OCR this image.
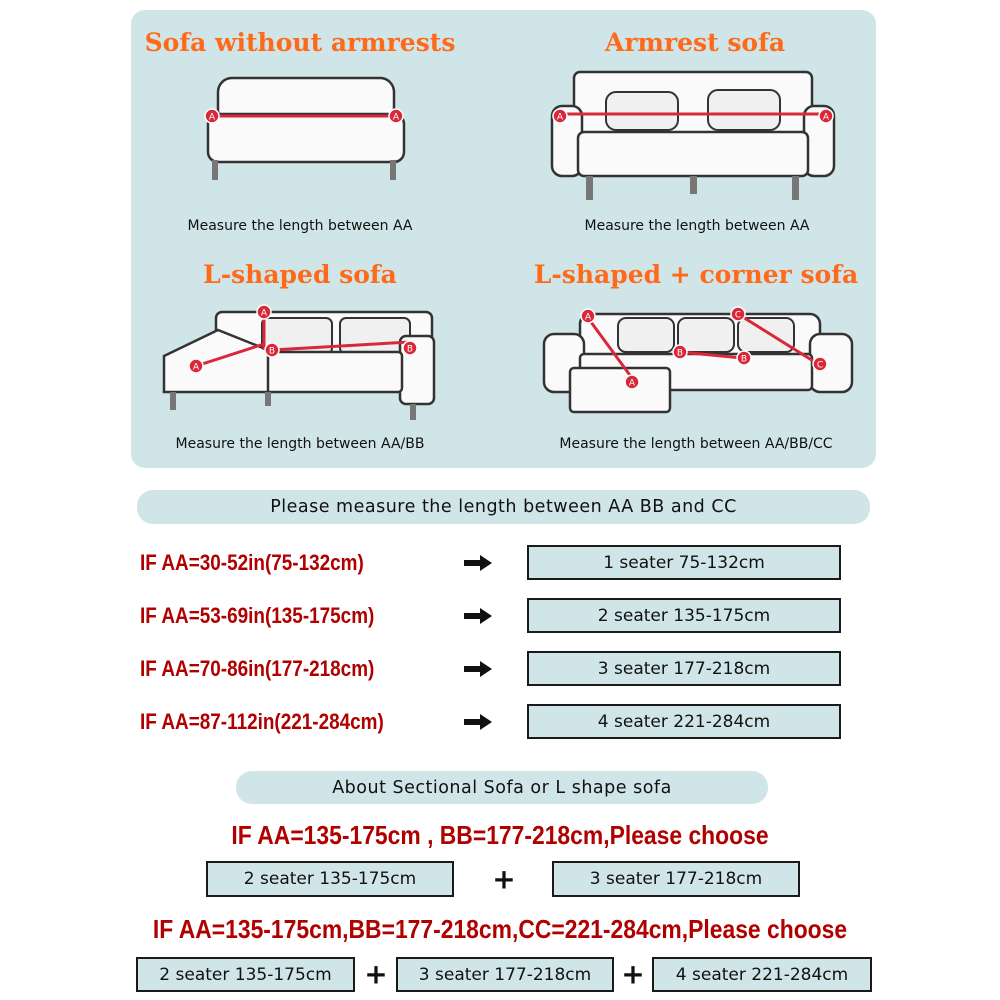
Sofa without armrests
A	A
Measure the length between AA
Armrest sofa
A	A
Measure the length between AA
L-shaped sofa
A
A
B	B
Measure the length between AA/BB
L-shaped + corner sofa
A
A
B
B
C
C
Measure the length between AA/BB/CC
Please measure the length between AA BB and CC
IF AA=30-52in(75-132cm)	1 seater 75-132cm
IF AA=53-69in(135-175cm)	2 seater 135-175cm
IF AA=70-86in(177-218cm)	3 seater 177-218cm
IF AA=87-112in(221-284cm)	4 seater 221-284cm
About Sectional Sofa or L shape sofa
IF AA=135-175cm , BB=177-218cm,Please choose
2 seater 135-175cm	+	3 seater 177-218cm
IF AA=135-175cm,BB=177-218cm,CC=221-284cm,Please choose
2 seater 135-175cm + 3 seater 177-218cm + 4 seater 221-284cm
